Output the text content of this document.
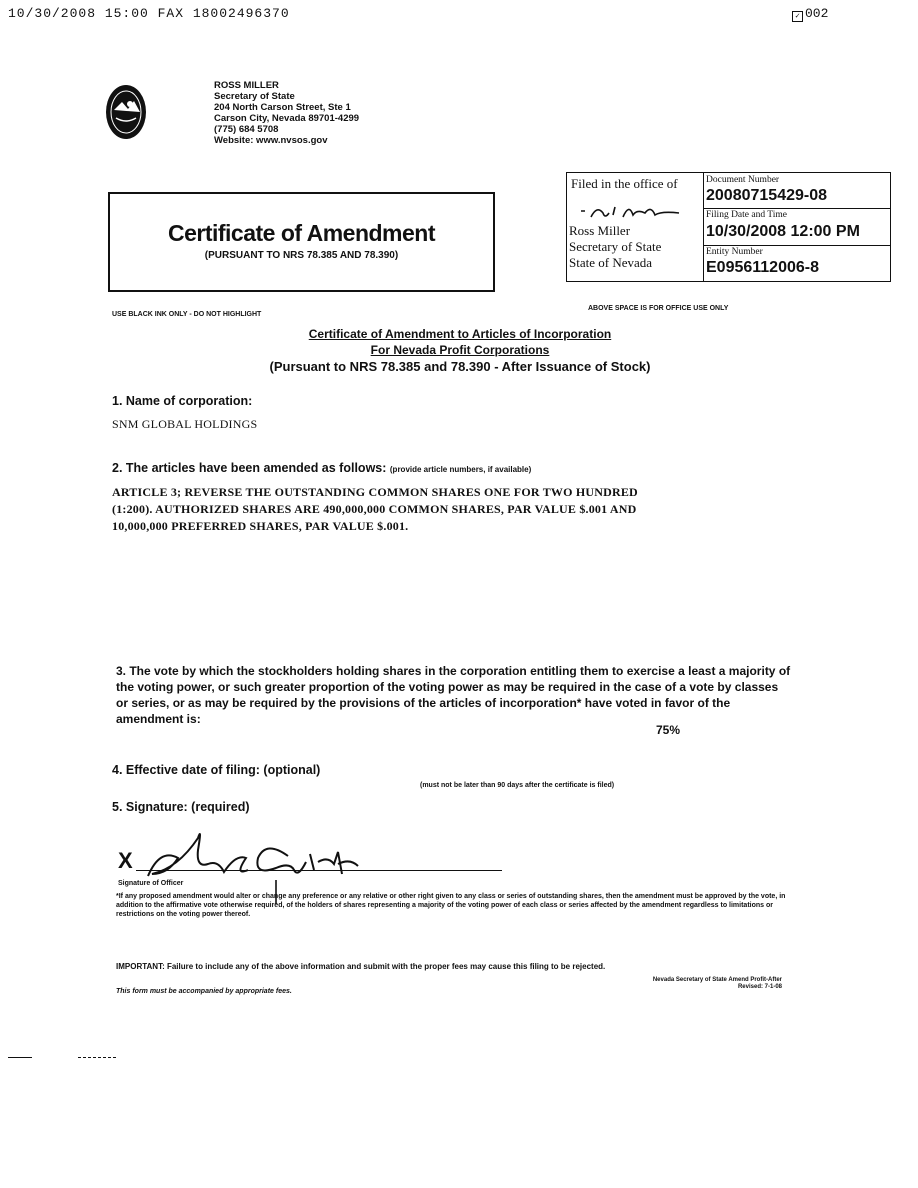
10/30/2008 15:00 FAX 18002496370	✓ 002
ROSS MILLER
Secretary of State
204 North Carson Street, Ste 1
Carson City, Nevada 89701-4299
(775) 684 5708
Website: www.nvsos.gov
Certificate of Amendment
(PURSUANT TO NRS 78.385 AND 78.390)
Filed in the office of
Ross Miller
Secretary of State
State of Nevada
Document Number
20080715429-08
Filing Date and Time
10/30/2008 12:00 PM
Entity Number
E0956112006-8
USE BLACK INK ONLY - DO NOT HIGHLIGHT
ABOVE SPACE IS FOR OFFICE USE ONLY
Certificate of Amendment to Articles of Incorporation
For Nevada Profit Corporations
(Pursuant to NRS 78.385 and 78.390 - After Issuance of Stock)
1. Name of corporation:
SNM GLOBAL HOLDINGS
2. The articles have been amended as follows: (provide article numbers, if available)
ARTICLE 3; REVERSE THE OUTSTANDING COMMON SHARES ONE FOR TWO HUNDRED
(1:200). AUTHORIZED SHARES ARE 490,000,000 COMMON SHARES, PAR VALUE $.001 AND
10,000,000 PREFERRED SHARES, PAR VALUE $.001.
3. The vote by which the stockholders holding shares in the corporation entitling them to exercise a least a majority of the voting power, or such greater proportion of the voting power as may be required in the case of a vote by classes or series, or as may be required by the provisions of the articles of incorporation* have voted in favor of the amendment is:
75%
4. Effective date of filing: (optional)
(must not be later than 90 days after the certificate is filed)
5. Signature: (required)
X
Signature of Officer
*If any proposed amendment would alter or change any preference or any relative or other right given to any class or series of outstanding shares, then the amendment must be approved by the vote, in addition to the affirmative vote otherwise required, of the holders of shares representing a majority of the voting power of each class or series affected by the amendment regardless to limitations or restrictions on the voting power thereof.
IMPORTANT: Failure to include any of the above information and submit with the proper fees may cause this filing to be rejected.
This form must be accompanied by appropriate fees.
Nevada Secretary of State Amend Profit-After
Revised: 7-1-08
